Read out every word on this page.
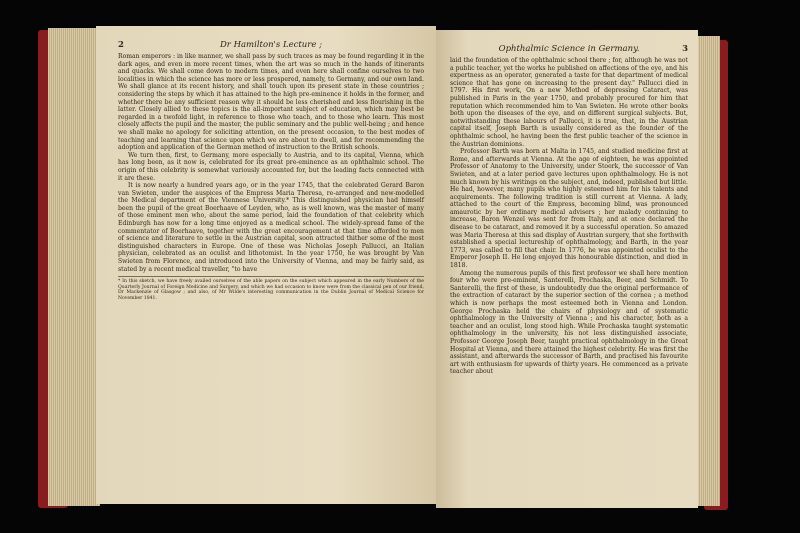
2	Dr Hamilton's Lecture ;

Roman emperors : in like manner, we shall pass by such traces as may be found regarding it in the dark ages, and even in more recent times, when the art was so much in the hands of itinerants and quacks. We shall come down to modern times, and even here shall confine ourselves to two localities in which the science has more or less prospered, namely, to Germany, and our own land. We shall glance at its recent history, and shall touch upon its present state in these countries ; considering the steps by which it has attained to the high pre-eminence it holds in the former, and whether there be any sufficient reason why it should be less cherished and less flourishing in the latter. Closely allied to these topics is the all-important subject of education, which may best be regarded in a twofold light, in reference to those who teach, and to those who learn. This most closely affects the pupil and the master, the public seminary and the public well-being ; and hence we shall make no apology for soliciting attention, on the present occasion, to the best modes of teaching and learning that science upon which we are about to dwell, and for recommending the adoption and application of the German method of instruction to the British schools.

We turn then, first, to Germany, more especially to Austria, and to its capital, Vienna, which has long been, as it now is, celebrated for its great pre-eminence as an ophthalmic school. The origin of this celebrity is somewhat variously accounted for, but the leading facts connected with it are these.

It is now nearly a hundred years ago, or in the year 1745, that the celebrated Gerard Baron van Swieten, under the auspices of the Empress Maria Theresa, re-arranged and new-modelled the Medical department of the Viennese University.* This distinguished physician had himself been the pupil of the great Boerhaave of Leyden, who, as is well known, was the master of many of those eminent men who, about the same period, laid the foundation of that celebrity which Edinburgh has now for a long time enjoyed as a medical school. The widely-spread fame of the commentator of Boerhaave, together with the great encouragement at that time afforded to men of science and literature to settle in the Austrian capital, soon attracted thither some of the most distinguished characters in Europe. One of these was Nicholas Joseph Pallucci, an Italian physician, celebrated as an oculist and lithotomist. In the year 1750, he was brought by Van Swieten from Florence, and introduced into the University of Vienna, and may be fairly said, as stated by a recent medical traveller, "to have

* In this sketch, we have freely availed ourselves of the able papers on the subject which appeared in the early Numbers of the Quarterly Journal of Foreign Medicine and Surgery, and which we had occasion to know were from the classical pen of our friend, Dr Mackenzie of Glasgow ; and also, of Mr Wilde's interesting communication in the Dublin Journal of Medical Science for November 1841.
Ophthalmic Science in Germany.	3

laid the foundation of the ophthalmic school there ; for, although he was not a public teacher, yet the works he published on affections of the eye, and his expertness as an operator, generated a taste for that department of medical science that has gone on increasing to the present day." Pallucci died in 1797. His first work, On a new Method of depressing Cataract, was published in Paris in the year 1750, and probably procured for him that reputation which recommended him to Van Swieten. He wrote other books both upon the diseases of the eye, and on different surgical subjects. But, notwithstanding these labours of Pallucci, it is true, that, in the Austrian capital itself, Joseph Barth is usually considered as the founder of the ophthalmic school, he having been the first public teacher of the science in the Austrian dominions.

Professor Barth was born at Malta in 1745, and studied medicine first at Rome, and afterwards at Vienna. At the age of eighteen, he was appointed Professor of Anatomy to the University, under Stoerk, the successor of Van Swieten, and at a later period gave lectures upon ophthalmology. He is not much known by his writings on the subject, and, indeed, published but little. He had, however, many pupils who highly esteemed him for his talents and acquirements. The following tradition is still current at Vienna. A lady, attached to the court of the Empress, becoming blind, was pronounced amaurotic by her ordinary medical advisers ; her malady continuing to increase, Baron Wenzel was sent for from Italy, and at once declared the disease to be cataract, and removed it by a successful operation. So amazed was Maria Theresa at this sad display of Austrian surgery, that she forthwith established a special lectureship of ophthalmology, and Barth, in the year 1773, was called to fill that chair. In 1776, he was appointed oculist to the Emperor Joseph II. He long enjoyed this honourable distinction, and died in 1818.

Among the numerous pupils of this first professor we shall here mention four who were pre-eminent, Santerelli, Prochaska, Beer, and Schmidt. To Santerelli, the first of these, is undoubtedly due the original performance of the extraction of cataract by the superior section of the cornea ; a method which is now perhaps the most esteemed both in Vienna and London. George Prochaska held the chairs of physiology and of systematic ophthalmology in the University of Vienna ; and his character, both as a teacher and an oculist, long stood high. While Prochaska taught systematic ophthalmology in the university, his not less distinguished associate, Professor George Joseph Beer, taught practical ophthalmology in the Great Hospital at Vienna, and there attained the highest celebrity. He was first the assistant, and afterwards the successor of Barth, and practised his favourite art with enthusiasm for upwards of thirty years. He commenced as a private teacher about
